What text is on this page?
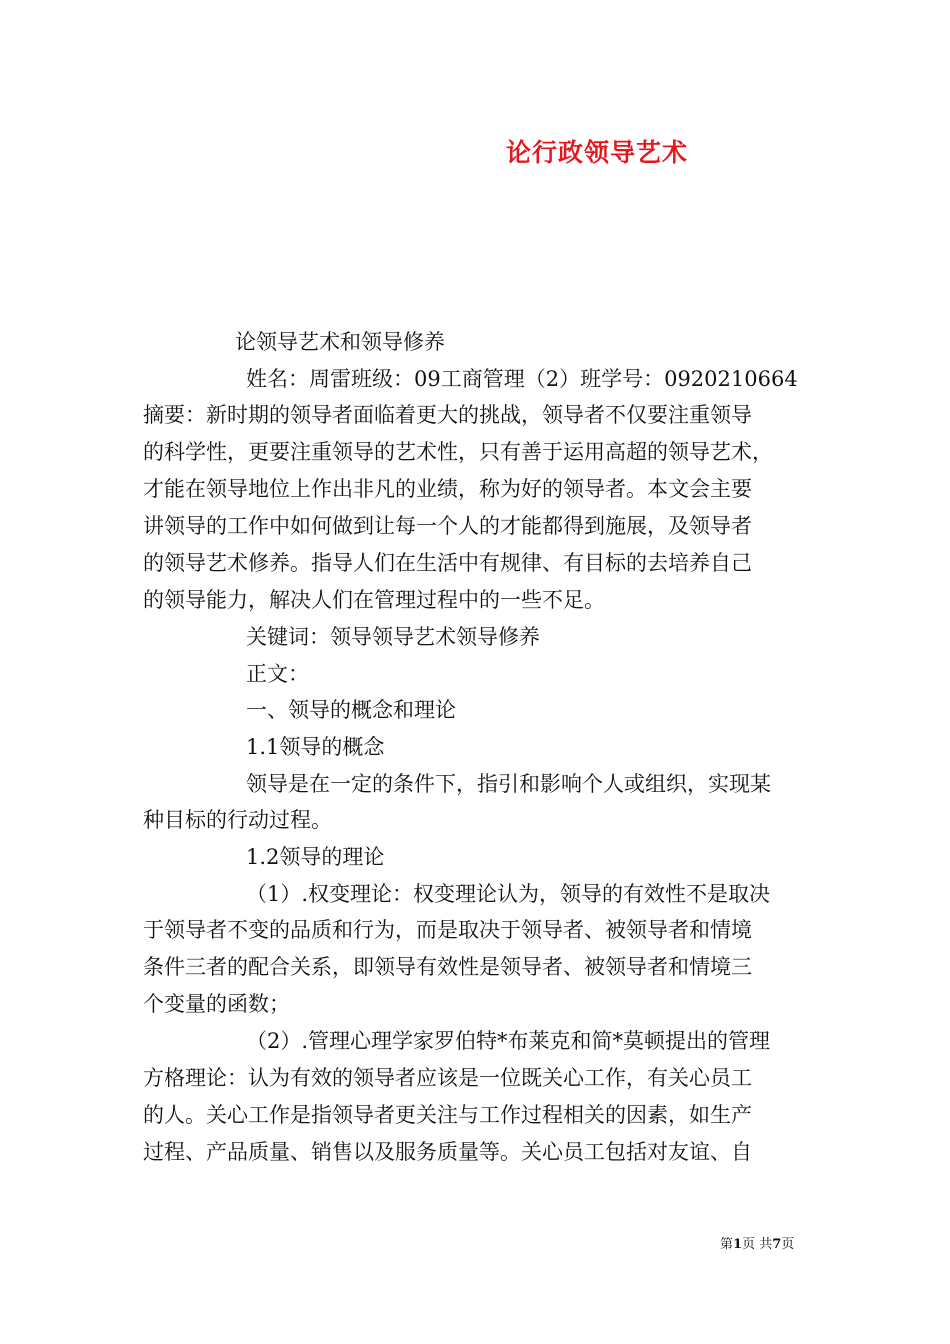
论行政领导艺术
论领导艺术和领导修养
姓名：周雷班级：09工商管理（2）班学号：0920210664
摘要：新时期的领导者面临着更大的挑战，领导者不仅要注重领导
的科学性，更要注重领导的艺术性，只有善于运用高超的领导艺术，
才能在领导地位上作出非凡的业绩，称为好的领导者。本文会主要
讲领导的工作中如何做到让每一个人的才能都得到施展，及领导者
的领导艺术修养。指导人们在生活中有规律、有目标的去培养自己
的领导能力，解决人们在管理过程中的一些不足。
关键词：领导领导艺术领导修养
正文：
一、领导的概念和理论
1.1领导的概念
领导是在一定的条件下，指引和影响个人或组织，实现某
种目标的行动过程。
1.2领导的理论
（1）.权变理论：权变理论认为，领导的有效性不是取决
于领导者不变的品质和行为，而是取决于领导者、被领导者和情境
条件三者的配合关系，即领导有效性是领导者、被领导者和情境三
个变量的函数；
（2）.管理心理学家罗伯特*布莱克和简*莫顿提出的管理
方格理论：认为有效的领导者应该是一位既关心工作，有关心员工
的人。关心工作是指领导者更关注与工作过程相关的因素，如生产
过程、产品质量、销售以及服务质量等。关心员工包括对友谊、自
第1页 共7页
